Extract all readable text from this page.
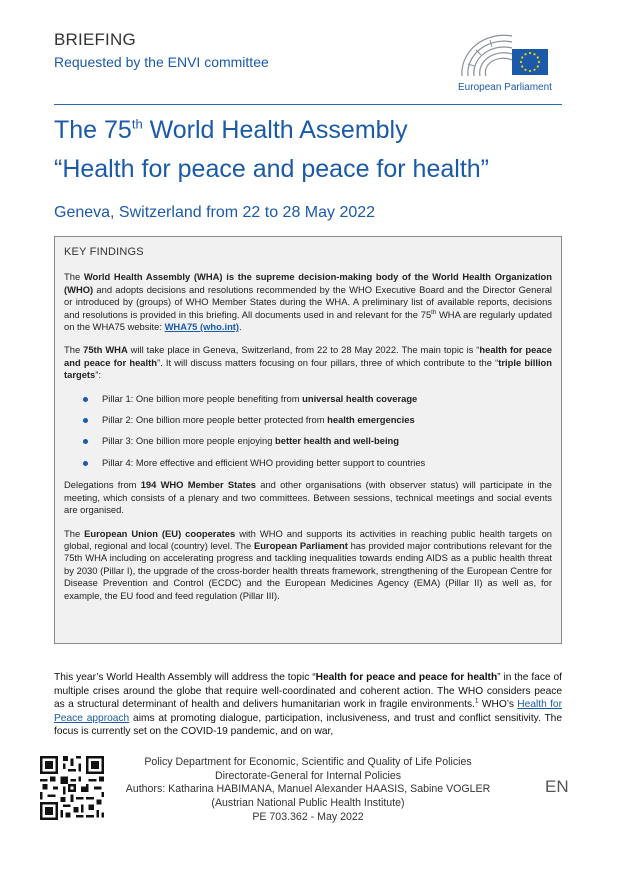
BRIEFING
Requested by the ENVI committee
European Parliament
The 75th World Health Assembly
“Health for peace and peace for health”
Geneva, Switzerland from 22 to 28 May 2022
KEY FINDINGS

The World Health Assembly (WHA) is the supreme decision-making body of the World Health Organization (WHO) and adopts decisions and resolutions recommended by the WHO Executive Board and the Director General or introduced by (groups) of WHO Member States during the WHA. A preliminary list of available reports, decisions and resolutions is provided in this briefing. All documents used in and relevant for the 75th WHA are regularly updated on the WHA75 website: WHA75 (who.int).

The 75th WHA will take place in Geneva, Switzerland, from 22 to 28 May 2022. The main topic is “health for peace and peace for health”. It will discuss matters focusing on four pillars, three of which contribute to the “triple billion targets”:

Pillar 1: One billion more people benefiting from universal health coverage
Pillar 2: One billion more people better protected from health emergencies
Pillar 3: One billion more people enjoying better health and well-being
Pillar 4: More effective and efficient WHO providing better support to countries

Delegations from 194 WHO Member States and other organisations (with observer status) will participate in the meeting, which consists of a plenary and two committees. Between sessions, technical meetings and social events are organised.

The European Union (EU) cooperates with WHO and supports its activities in reaching public health targets on global, regional and local (country) level. The European Parliament has provided major contributions relevant for the 75th WHA including on accelerating progress and tackling inequalities towards ending AIDS as a public health threat by 2030 (Pillar I), the upgrade of the cross-border health threats framework, strengthening of the European Centre for Disease Prevention and Control (ECDC) and the European Medicines Agency (EMA) (Pillar II) as well as, for example, the EU food and feed regulation (Pillar III).

This year’s World Health Assembly will address the topic “Health for peace and peace for health” in the face of multiple crises around the globe that require well-coordinated and coherent action. The WHO considers peace as a structural determinant of health and delivers humanitarian work in fragile environments.$^1$ WHO’s Health for Peace approach aims at promoting dialogue, participation, inclusiveness, and trust and conflict sensitivity. The focus is currently set on the COVID-19 pandemic, and on war,

Policy Department for Economic, Scientific and Quality of Life Policies
Directorate-General for Internal Policies
Authors: Katharina HABIMANA, Manuel Alexander HAASIS, Sabine VOGLER
(Austrian National Public Health Institute)
PE 703.362 - May 2022
EN
